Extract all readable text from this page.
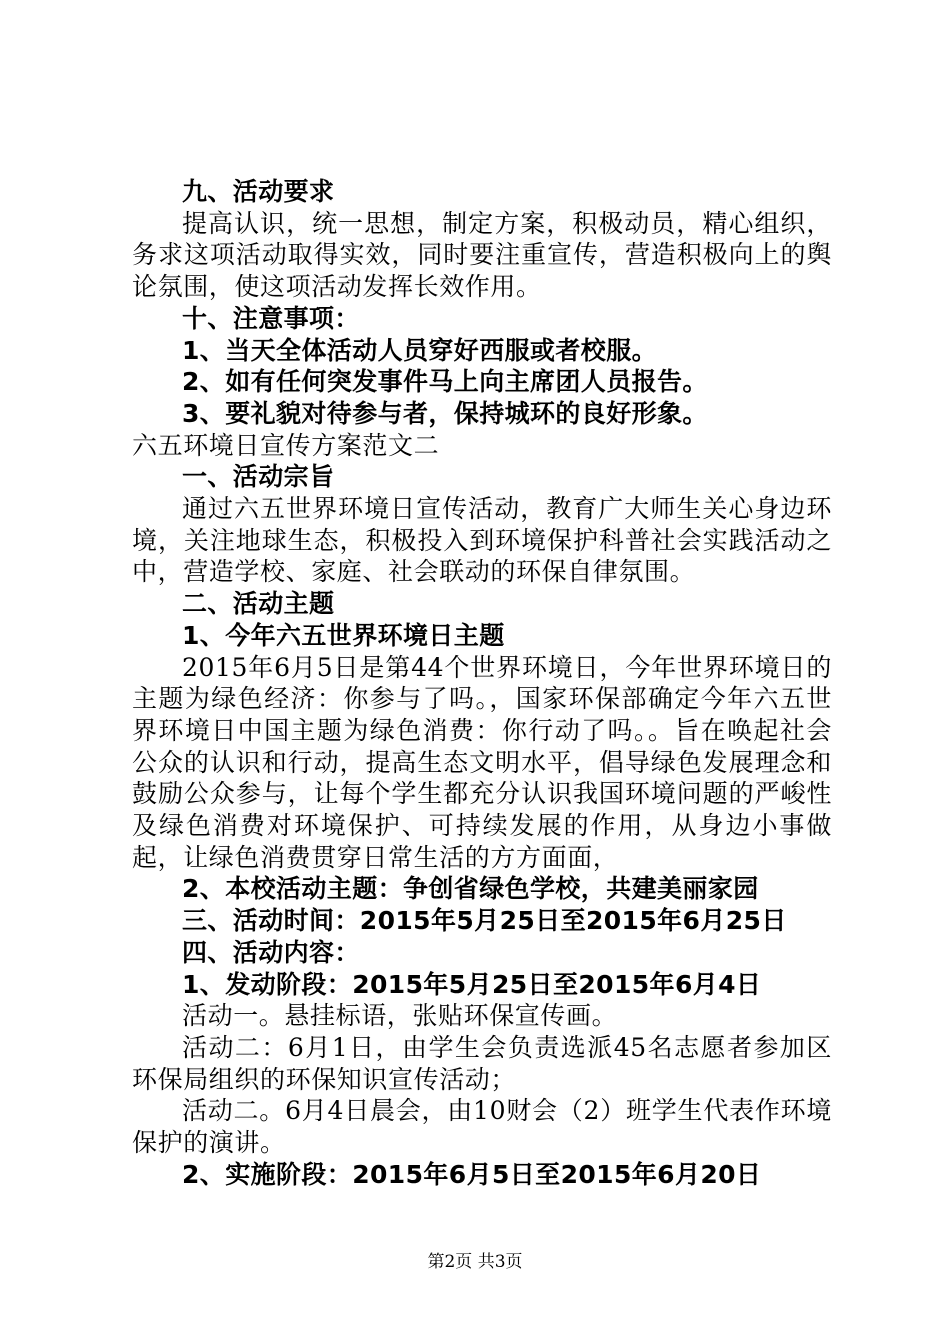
九、活动要求

提高认识，统一思想，制定方案，积极动员，精心组织，务求这项活动取得实效，同时要注重宣传，营造积极向上的舆论氛围，使这项活动发挥长效作用。

十、注意事项：

1、当天全体活动人员穿好西服或者校服。

2、如有任何突发事件马上向主席团人员报告。

3、要礼貌对待参与者，保持城环的良好形象。

六五环境日宣传方案范文二

一、活动宗旨

通过六五世界环境日宣传活动，教育广大师生关心身边环境，关注地球生态，积极投入到环境保护科普社会实践活动之中，营造学校、家庭、社会联动的环保自律氛围。

二、活动主题

1、今年六五世界环境日主题

2015年6月5日是第44个世界环境日，今年世界环境日的主题为绿色经济：你参与了吗。，国家环保部确定今年六五世界环境日中国主题为绿色消费：你行动了吗。。旨在唤起社会公众的认识和行动，提高生态文明水平，倡导绿色发展理念和鼓励公众参与，让每个学生都充分认识我国环境问题的严峻性及绿色消费对环境保护、可持续发展的作用，从身边小事做起，让绿色消费贯穿日常生活的方方面面，

2、本校活动主题：争创省绿色学校，共建美丽家园

三、活动时间：2015年5月25日至2015年6月25日

四、活动内容：

1、发动阶段：2015年5月25日至2015年6月4日

活动一。悬挂标语，张贴环保宣传画。

活动二：6月1日，由学生会负责选派45名志愿者参加区环保局组织的环保知识宣传活动；

活动二。6月4日晨会，由10财会（2）班学生代表作环境保护的演讲。

2、实施阶段：2015年6月5日至2015年6月20日

第2页 共3页
